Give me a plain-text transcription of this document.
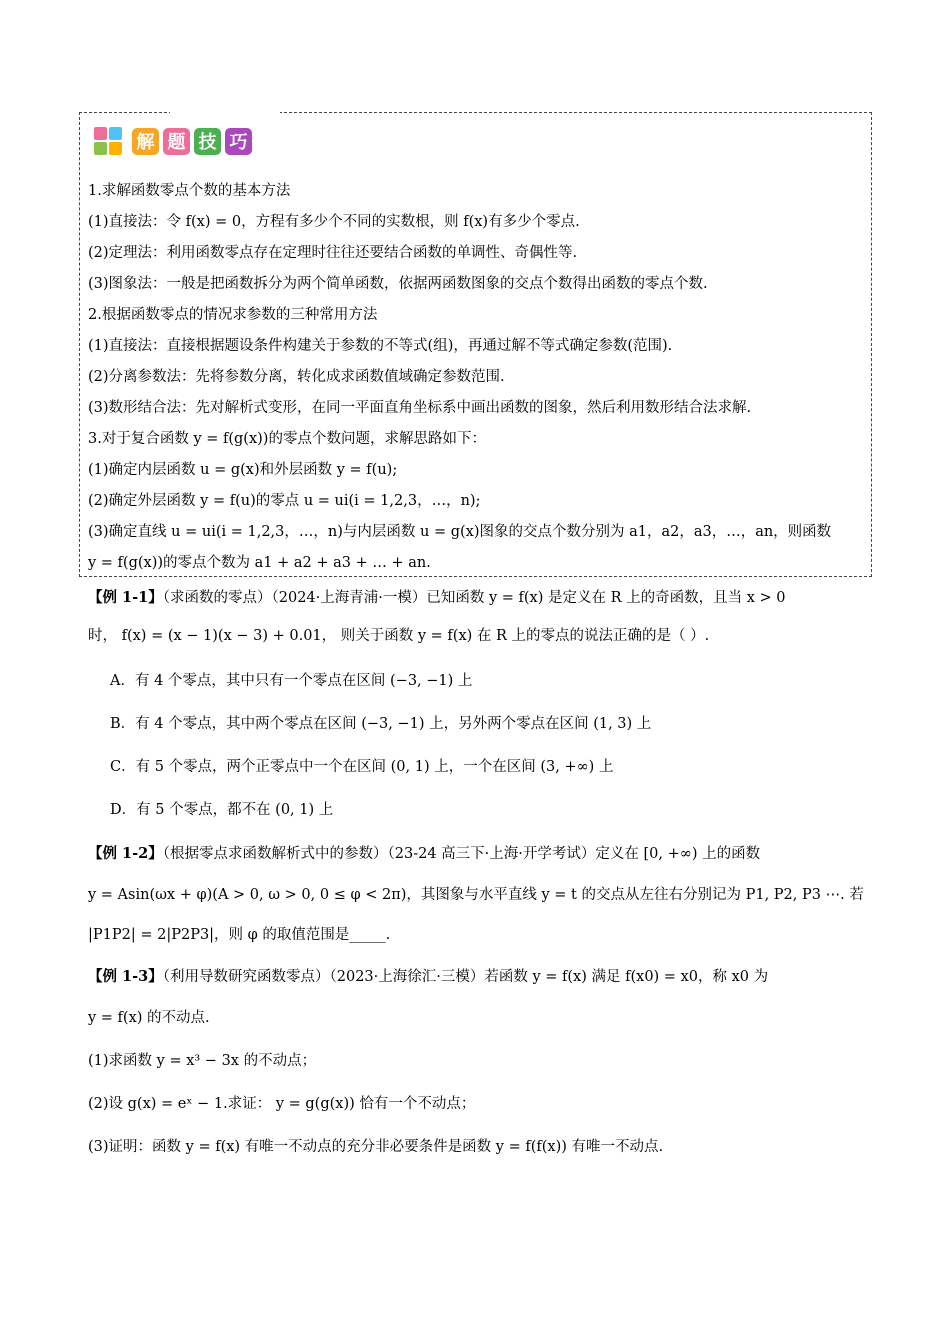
解 题 技 巧
1.求解函数零点个数的基本方法
(1)直接法：令 f(x) = 0，方程有多少个不同的实数根，则 f(x)有多少个零点.
(2)定理法：利用函数零点存在定理时往往还要结合函数的单调性、奇偶性等.
(3)图象法：一般是把函数拆分为两个简单函数，依据两函数图象的交点个数得出函数的零点个数.
2.根据函数零点的情况求参数的三种常用方法
(1)直接法：直接根据题设条件构建关于参数的不等式(组)，再通过解不等式确定参数(范围).
(2)分离参数法：先将参数分离，转化成求函数值域确定参数范围.
(3)数形结合法：先对解析式变形，在同一平面直角坐标系中画出函数的图象，然后利用数形结合法求解.
3.对于复合函数 y = f(g(x))的零点个数问题，求解思路如下：
(1)确定内层函数 u = g(x)和外层函数 y = f(u);
(2)确定外层函数 y = f(u)的零点 u = ui(i = 1,2,3，…，n);
(3)确定直线 u = ui(i = 1,2,3，…，n)与内层函数 u = g(x)图象的交点个数分别为 a1，a2，a3，…，an，则函数
y = f(g(x))的零点个数为 a1 + a2 + a3 + … + an.
【例 1-1】（求函数的零点）（2024·上海青浦·一模）已知函数 y = f(x) 是定义在 R 上的奇函数，且当 x > 0
时， f(x) = (x − 1)(x − 3) + 0.01， 则关于函数 y = f(x) 在 R 上的零点的说法正确的是（ ）.
A．有 4 个零点，其中只有一个零点在区间 (−3, −1) 上
B．有 4 个零点，其中两个零点在区间 (−3, −1) 上，另外两个零点在区间 (1, 3) 上
C．有 5 个零点，两个正零点中一个在区间 (0, 1) 上，一个在区间 (3, +∞) 上
D．有 5 个零点，都不在 (0, 1) 上
【例 1-2】（根据零点求函数解析式中的参数）（23-24 高三下·上海·开学考试）定义在 [0, +∞) 上的函数
y = Asin(ωx + φ)(A > 0, ω > 0, 0 ≤ φ < 2π)，其图象与水平直线 y = t 的交点从左往右分别记为 P1, P2, P3 ⋯. 若
|P1P2| = 2|P2P3|，则 φ 的取值范围是_____.
【例 1-3】（利用导数研究函数零点）（2023·上海徐汇·三模）若函数 y = f(x) 满足 f(x0) = x0，称 x0 为
y = f(x) 的不动点.
(1)求函数 y = x³ − 3x 的不动点；
(2)设 g(x) = eˣ − 1.求证： y = g(g(x)) 恰有一个不动点；
(3)证明：函数 y = f(x) 有唯一不动点的充分非必要条件是函数 y = f(f(x)) 有唯一不动点.
